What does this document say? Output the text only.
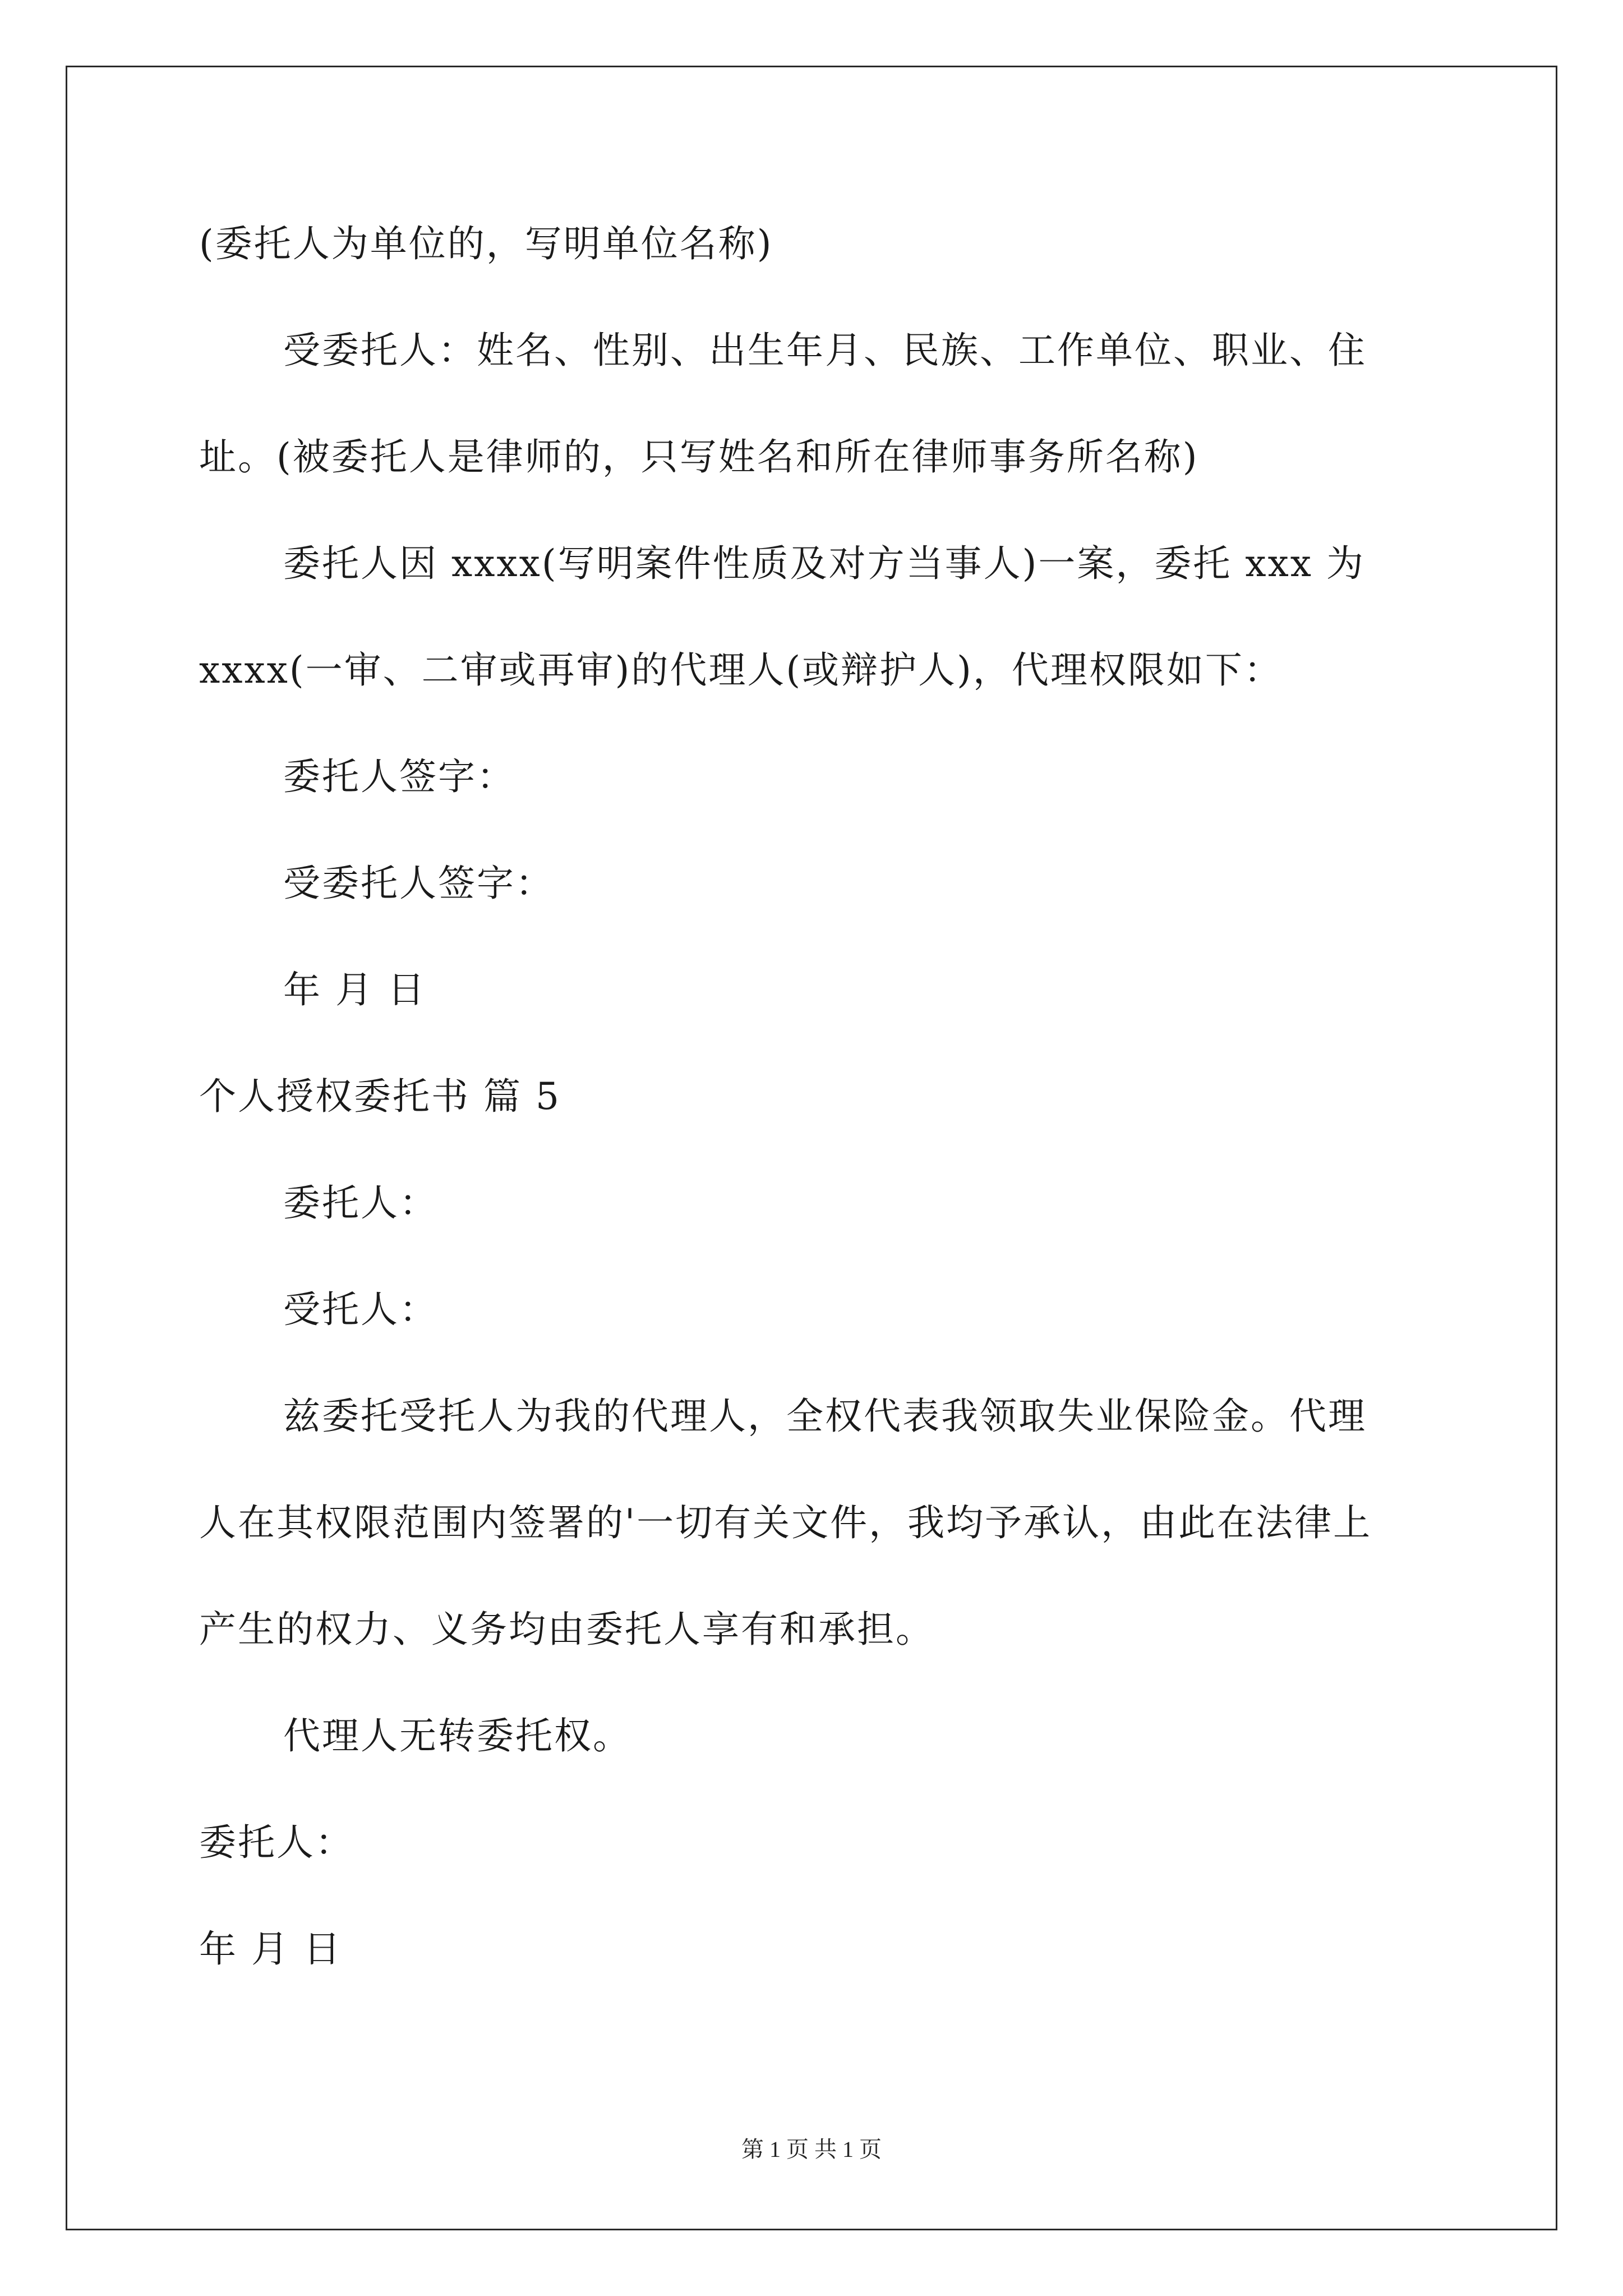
(委托人为单位的，写明单位名称)
受委托人：姓名、性别、出生年月、民族、工作单位、职业、住
址。(被委托人是律师的，只写姓名和所在律师事务所名称)
委托人因 xxxx(写明案件性质及对方当事人)一案，委托 xxx 为
xxxx(一审、二审或再审)的代理人(或辩护人)，代理权限如下：
委托人签字：
受委托人签字：
年 月 日
个人授权委托书 篇 5
委托人：
受托人：
兹委托受托人为我的代理人，全权代表我领取失业保险金。代理
人在其权限范围内签署的'一切有关文件，我均予承认，由此在法律上
产生的权力、义务均由委托人享有和承担。
代理人无转委托权。
委托人：
年 月 日
第 1 页 共 1 页
